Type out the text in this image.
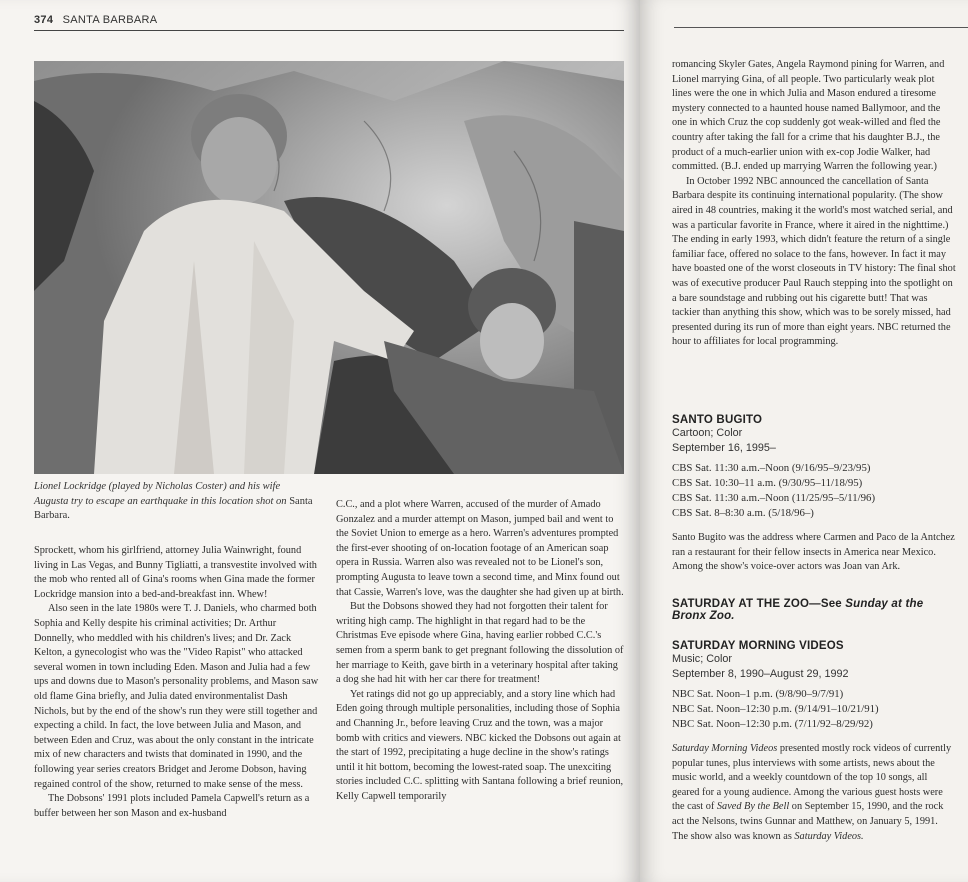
374 SANTA BARBARA
Lionel Lockridge (played by Nicholas Coster) and his wife Augusta try to escape an earthquake in this location shot on Santa Barbara.

Sprockett, whom his girlfriend, attorney Julia Wainwright, found living in Las Vegas, and Bunny Tigliatti, a transvestite involved with the mob who rented all of Gina's rooms when Gina made the former Lockridge mansion into a bed-and-breakfast inn. Whew!

Also seen in the late 1980s were T. J. Daniels, who charmed both Sophia and Kelly despite his criminal activities; Dr. Arthur Donnelly, who meddled with his children's lives; and Dr. Zack Kelton, a gynecologist who was the "Video Rapist" who attacked several women in town including Eden. Mason and Julia had a few ups and downs due to Mason's personality problems, and Mason saw old flame Gina briefly, and Julia dated environmentalist Dash Nichols, but by the end of the show's run they were still together and expecting a child. In fact, the love between Julia and Mason, and between Eden and Cruz, was about the only constant in the intricate mix of new characters and twists that dominated in 1990, and the following year series creators Bridget and Jerome Dobson, having regained control of the show, returned to make sense of the mess.

The Dobsons' 1991 plots included Pamela Capwell's return as a buffer between her son Mason and ex-husband

C.C., and a plot where Warren, accused of the murder of Amado Gonzalez and a murder attempt on Mason, jumped bail and went to the Soviet Union to emerge as a hero. Warren's adventures prompted the first-ever shooting of on-location footage of an American soap opera in Russia. Warren also was revealed not to be Lionel's son, prompting Augusta to leave town a second time, and Minx found out that Cassie, Warren's love, was the daughter she had given up at birth.

But the Dobsons showed they had not forgotten their talent for writing high camp. The highlight in that regard had to be the Christmas Eve episode where Gina, having earlier robbed C.C.'s semen from a sperm bank to get pregnant following the dissolution of her marriage to Keith, gave birth in a veterinary hospital after taking a dog she had hit with her car there for treatment!

Yet ratings did not go up appreciably, and a story line which had Eden going through multiple personalities, including those of Sophia and Channing Jr., before leaving Cruz and the town, was a major bomb with critics and viewers. NBC kicked the Dobsons out again at the start of 1992, precipitating a huge decline in the show's ratings until it hit bottom, becoming the lowest-rated soap. The unexciting stories included C.C. splitting with Santana following a brief reunion, Kelly Capwell temporarily

romancing Skyler Gates, Angela Raymond pining for Warren, and Lionel marrying Gina, of all people. Two particularly weak plot lines were the one in which Julia and Mason endured a tiresome mystery connected to a haunted house named Ballymoor, and the one in which Cruz the cop suddenly got weak-willed and fled the country after taking the fall for a crime that his daughter B.J., the product of a much-earlier union with ex-cop Jodie Walker, had committed. (B.J. ended up marrying Warren the following year.)

In October 1992 NBC announced the cancellation of Santa Barbara despite its continuing international popularity. (The show aired in 48 countries, making it the world's most watched serial, and was a particular favorite in France, where it aired in the nighttime.) The ending in early 1993, which didn't feature the return of a single familiar face, offered no solace to the fans, however. In fact it may have boasted one of the worst closeouts in TV history: The final shot was of executive producer Paul Rauch stepping into the spotlight on a bare soundstage and rubbing out his cigarette butt! That was tackier than anything this show, which was to be sorely missed, had presented during its run of more than eight years. NBC returned the hour to affiliates for local programming.

SANTO BUGITO
Cartoon; Color
September 16, 1995–
CBS Sat. 11:30 a.m.–Noon (9/16/95–9/23/95)
CBS Sat. 10:30–11 a.m. (9/30/95–11/18/95)
CBS Sat. 11:30 a.m.–Noon (11/25/95–5/11/96)
CBS Sat. 8–8:30 a.m. (5/18/96–)
Santo Bugito was the address where Carmen and Paco de la Antchez ran a restaurant for their fellow insects in America near Mexico. Among the show's voice-over actors was Joan van Ark.
SATURDAY AT THE ZOO—See Sunday at the Bronx Zoo.
SATURDAY MORNING VIDEOS
Music; Color
September 8, 1990–August 29, 1992
NBC Sat. Noon–1 p.m. (9/8/90–9/7/91)
NBC Sat. Noon–12:30 p.m. (9/14/91–10/21/91)
NBC Sat. Noon–12:30 p.m. (7/11/92–8/29/92)
Saturday Morning Videos presented mostly rock videos of currently popular tunes, plus interviews with some artists, news about the music world, and a weekly countdown of the top 10 songs, all geared for a young audience. Among the various guest hosts were the cast of Saved By the Bell on September 15, 1990, and the rock act the Nelsons, twins Gunnar and Matthew, on January 5, 1991. The show also was known as Saturday Videos.
